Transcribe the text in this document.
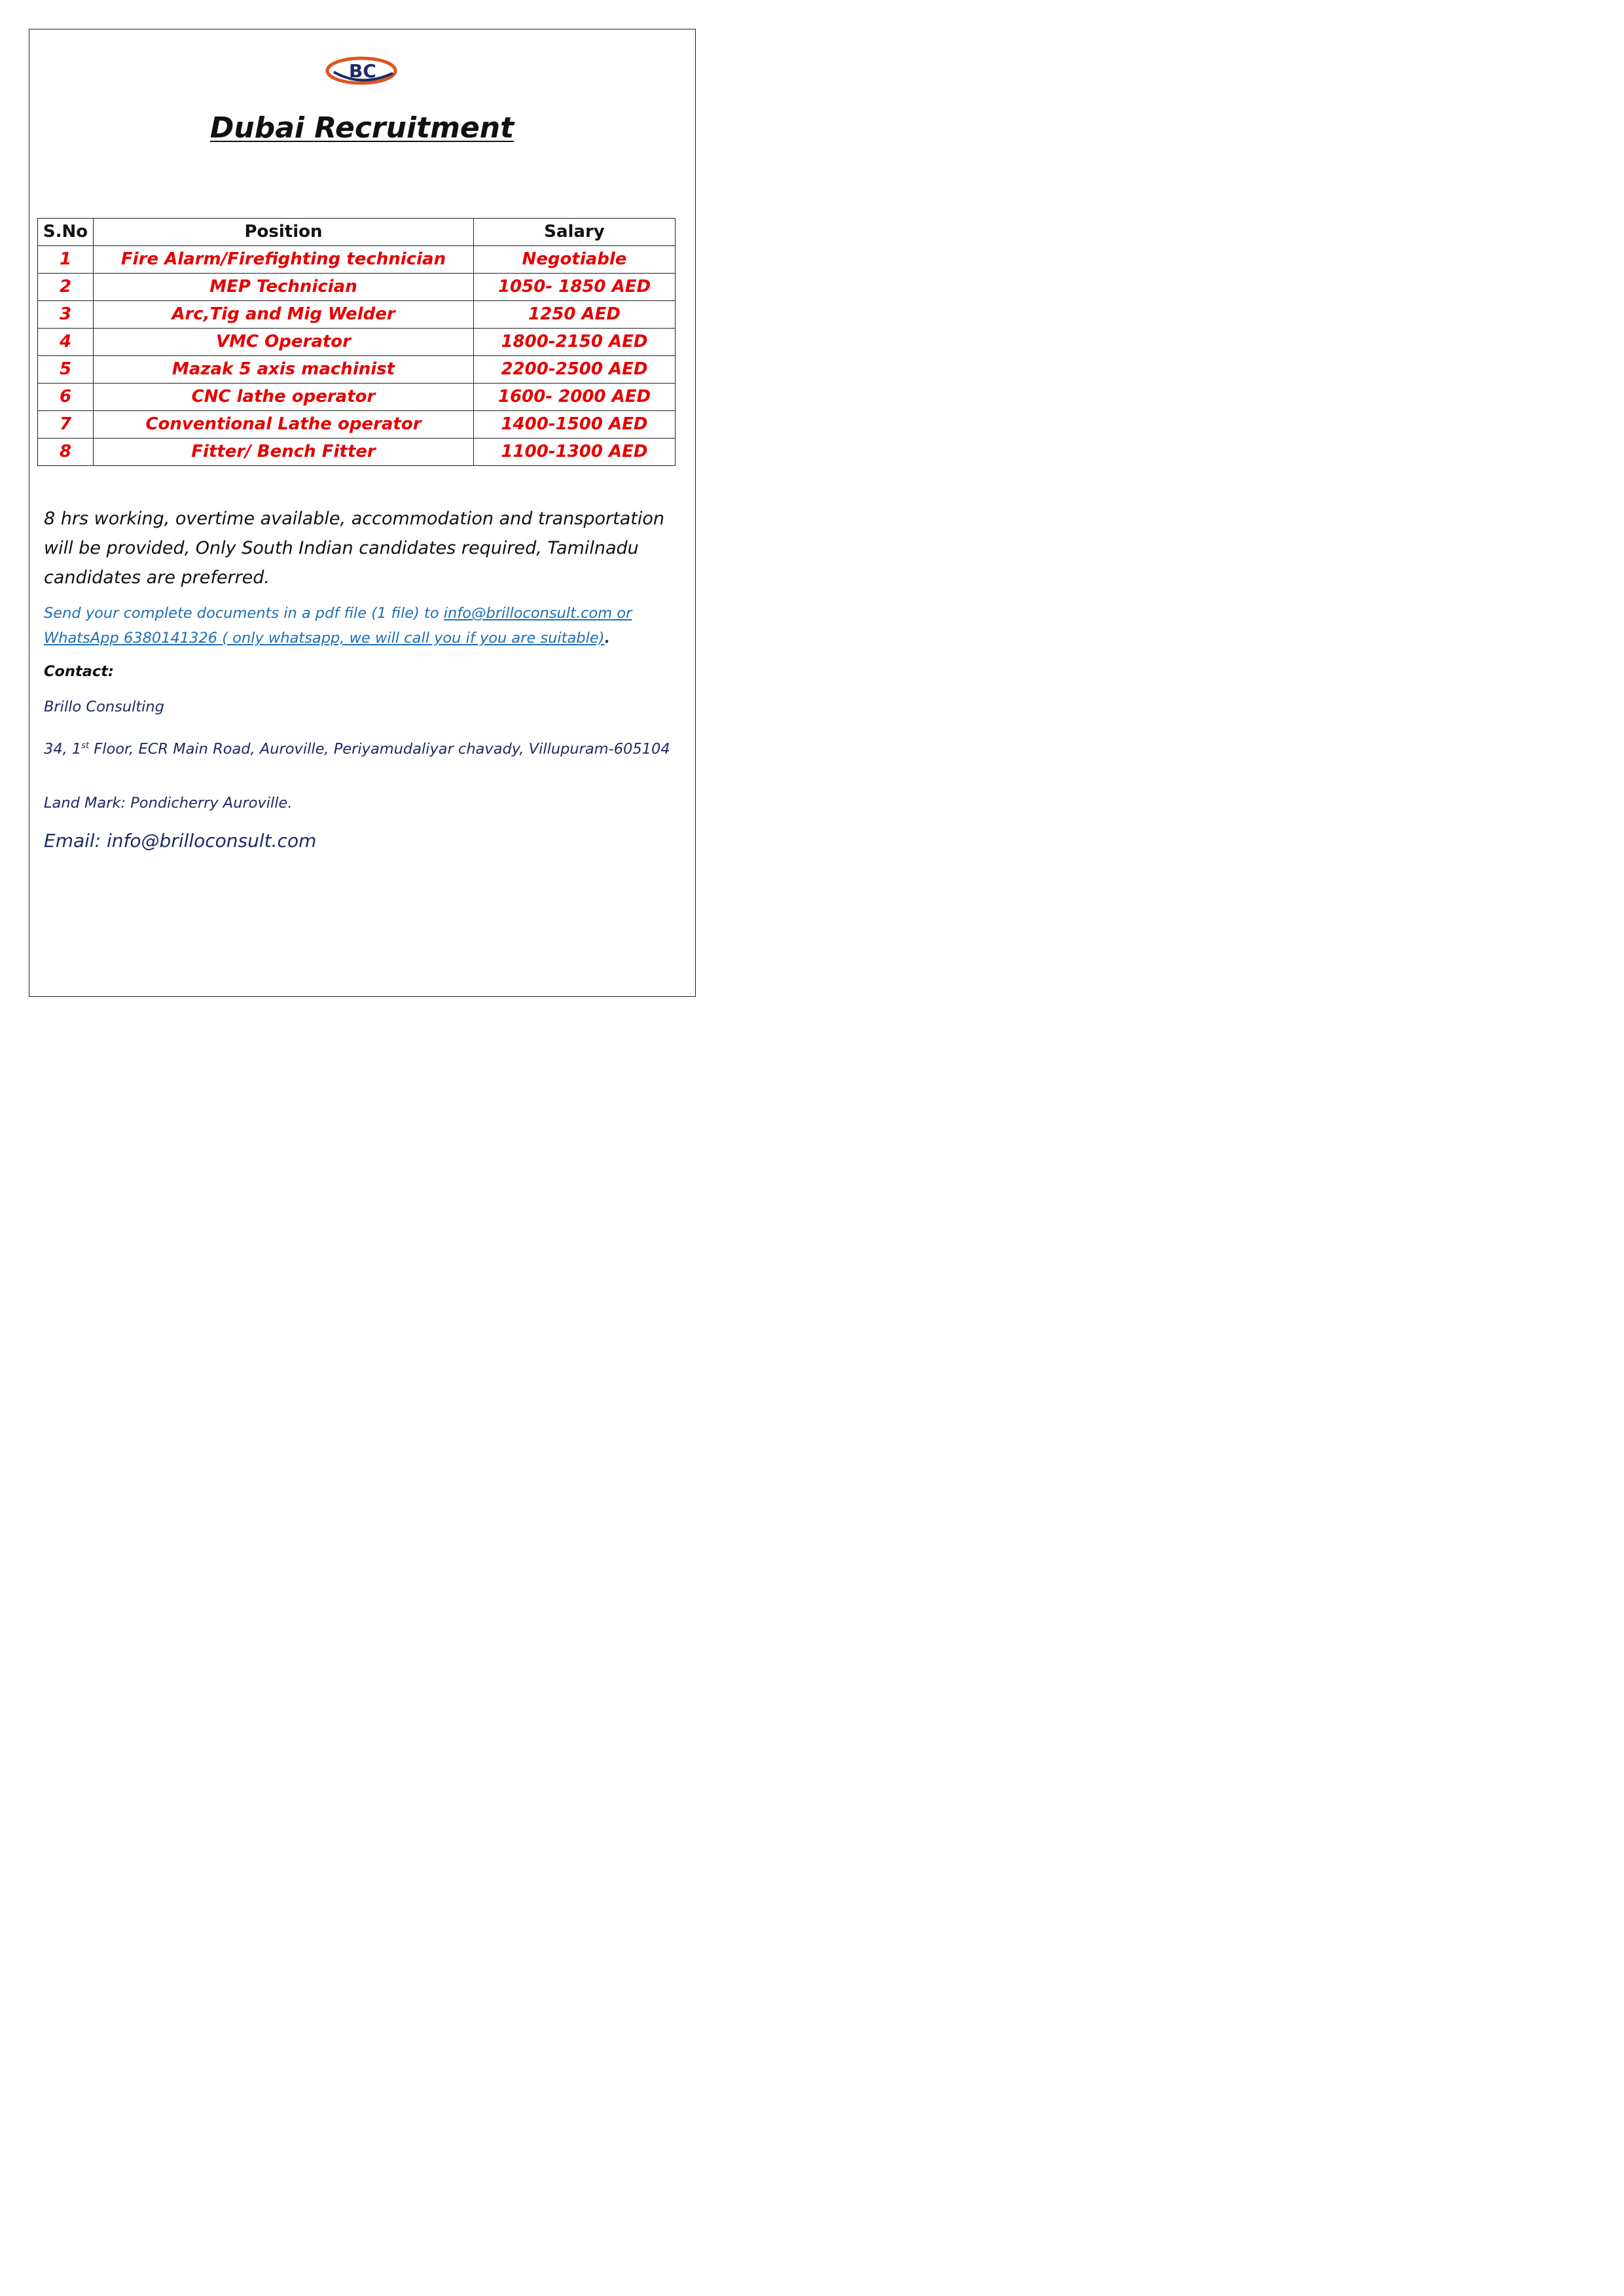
BC
Dubai Recruitment
S.No	Position	Salary
1	Fire Alarm/Firefighting technician	Negotiable
2	MEP Technician	1050- 1850 AED
3	Arc,Tig and Mig Welder	1250 AED
4	VMC Operator	1800-2150 AED
5	Mazak 5 axis machinist	2200-2500 AED
6	CNC lathe operator	1600- 2000 AED
7	Conventional Lathe operator	1400-1500 AED
8	Fitter/ Bench Fitter	1100-1300 AED
8 hrs working, overtime available, accommodation and transportation will be provided, Only South Indian candidates required, Tamilnadu candidates are preferred.
Send your complete documents in a pdf file (1 file) to info@brilloconsult.com or WhatsApp 6380141326 ( only whatsapp, we will call you if you are suitable).
Contact:
Brillo Consulting
34, 1st Floor, ECR Main Road, Auroville, Periyamudaliyar chavady, Villupuram-605104
Land Mark: Pondicherry Auroville.
Email: info@brilloconsult.com
